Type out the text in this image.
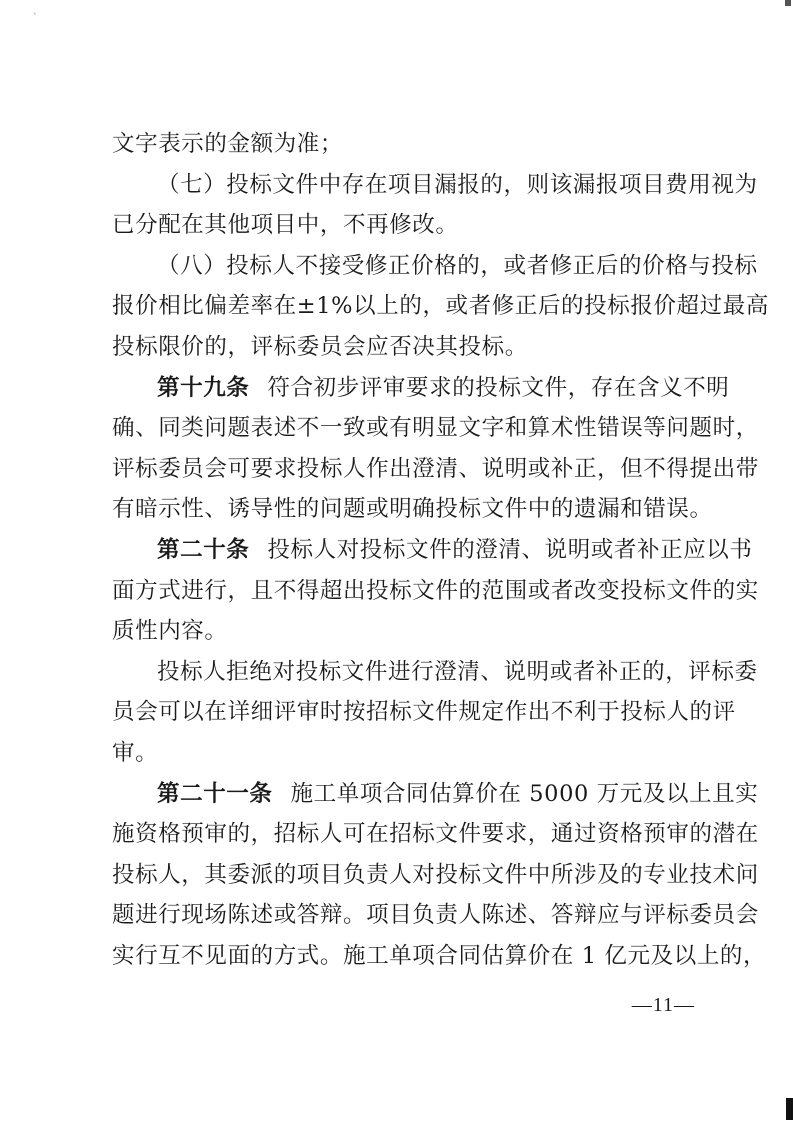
、
文字表示的金额为准；
（七）投标文件中存在项目漏报的，则该漏报项目费用视为
已分配在其他项目中，不再修改。
（八）投标人不接受修正价格的，或者修正后的价格与投标
报价相比偏差率在±1%以上的，或者修正后的投标报价超过最高
投标限价的，评标委员会应否决其投标。
第十九条 符合初步评审要求的投标文件，存在含义不明
确、同类问题表述不一致或有明显文字和算术性错误等问题时，
评标委员会可要求投标人作出澄清、说明或补正，但不得提出带
有暗示性、诱导性的问题或明确投标文件中的遗漏和错误。
第二十条 投标人对投标文件的澄清、说明或者补正应以书
面方式进行，且不得超出投标文件的范围或者改变投标文件的实
质性内容。
投标人拒绝对投标文件进行澄清、说明或者补正的，评标委
员会可以在详细评审时按招标文件规定作出不利于投标人的评
审。
第二十一条 施工单项合同估算价在 5000 万元及以上且实
施资格预审的，招标人可在招标文件要求，通过资格预审的潜在
投标人，其委派的项目负责人对投标文件中所涉及的专业技术问
题进行现场陈述或答辩。项目负责人陈述、答辩应与评标委员会
实行互不见面的方式。施工单项合同估算价在 1 亿元及以上的，
—11—
